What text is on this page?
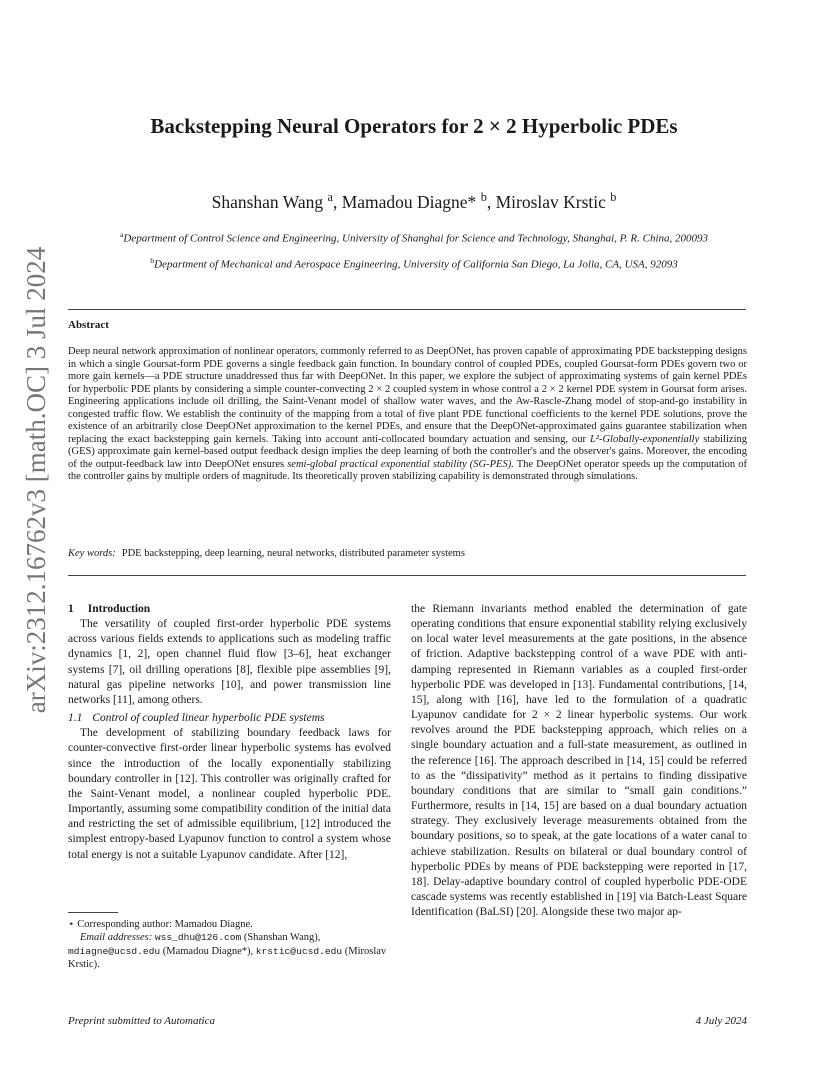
arXiv:2312.16762v3 [math.OC] 3 Jul 2024
Backstepping Neural Operators for 2 × 2 Hyperbolic PDEs
Shanshan Wang $^a$, Mamadou Diagne* $^b$, Miroslav Krstic $^b$
$^a$Department of Control Science and Engineering, University of Shanghai for Science and Technology, Shanghai, P. R. China, 200093
$^b$Department of Mechanical and Aerospace Engineering, University of California San Diego, La Jolla, CA, USA, 92093
Abstract
Deep neural network approximation of nonlinear operators, commonly referred to as DeepONet, has proven capable of approximating PDE backstepping designs in which a single Goursat-form PDE governs a single feedback gain function. In boundary control of coupled PDEs, coupled Goursat-form PDEs govern two or more gain kernels—a PDE structure unaddressed thus far with DeepONet. In this paper, we explore the subject of approximating systems of gain kernel PDEs for hyperbolic PDE plants by considering a simple counter-convecting 2 × 2 coupled system in whose control a 2 × 2 kernel PDE system in Goursat form arises. Engineering applications include oil drilling, the Saint-Venant model of shallow water waves, and the Aw-Rascle-Zhang model of stop-and-go instability in congested traffic flow. We establish the continuity of the mapping from a total of five plant PDE functional coefficients to the kernel PDE solutions, prove the existence of an arbitrarily close DeepONet approximation to the kernel PDEs, and ensure that the DeepONet-approximated gains guarantee stabilization when replacing the exact backstepping gain kernels. Taking into account anti-collocated boundary actuation and sensing, our L²-Globally-exponentially stabilizing (GES) approximate gain kernel-based output feedback design implies the deep learning of both the controller's and the observer's gains. Moreover, the encoding of the output-feedback law into DeepONet ensures semi-global practical exponential stability (SG-PES). The DeepONet operator speeds up the computation of the controller gains by multiple orders of magnitude. Its theoretically proven stabilizing capability is demonstrated through simulations.
Key words: PDE backstepping, deep learning, neural networks, distributed parameter systems

1 Introduction

The versatility of coupled first-order hyperbolic PDE systems across various fields extends to applications such as modeling traffic dynamics [1, 2], open channel fluid flow [3–6], heat exchanger systems [7], oil drilling operations [8], flexible pipe assemblies [9], natural gas pipeline networks [10], and power transmission line networks [11], among others.

1.1 Control of coupled linear hyperbolic PDE systems

The development of stabilizing boundary feedback laws for counter-convective first-order linear hyperbolic systems has evolved since the introduction of the locally exponentially stabilizing boundary controller in [12]. This controller was originally crafted for the Saint-Venant model, a nonlinear coupled hyperbolic PDE. Importantly, assuming some compatibility condition of the initial data and restricting the set of admissible equilibrium, [12] introduced the simplest entropy-based Lyapunov function to control a system whose total energy is not a suitable Lyapunov candidate. After [12],

the Riemann invariants method enabled the determination of gate operating conditions that ensure exponential stability relying exclusively on local water level measurements at the gate positions, in the absence of friction. Adaptive backstepping control of a wave PDE with anti-damping represented in Riemann variables as a coupled first-order hyperbolic PDE was developed in [13]. Fundamental contributions, [14, 15], along with [16], have led to the formulation of a quadratic Lyapunov candidate for 2 × 2 linear hyperbolic systems. Our work revolves around the PDE backstepping approach, which relies on a single boundary actuation and a full-state measurement, as outlined in the reference [16]. The approach described in [14, 15] could be referred to as the “dissipativity” method as it pertains to finding dissipative boundary conditions that are similar to “small gain conditions.” Furthermore, results in [14, 15] are based on a dual boundary actuation strategy. They exclusively leverage measurements obtained from the boundary positions, so to speak, at the gate locations of a water canal to achieve stabilization. Results on bilateral or dual boundary control of hyperbolic PDEs by means of PDE backstepping were reported in [17, 18]. Delay-adaptive boundary control of coupled hyperbolic PDE-ODE cascade systems was recently established in [19] via Batch-Least Square Identification (BaLSI) [20]. Alongside these two major ap-

⋆ Corresponding author: Mamadou Diagne.
Email addresses: wss_dhu@126.com (Shanshan Wang), mdiagne@ucsd.edu (Mamadou Diagne*), krstic@ucsd.edu (Miroslav Krstic).
Preprint submitted to Automatica	4 July 2024
